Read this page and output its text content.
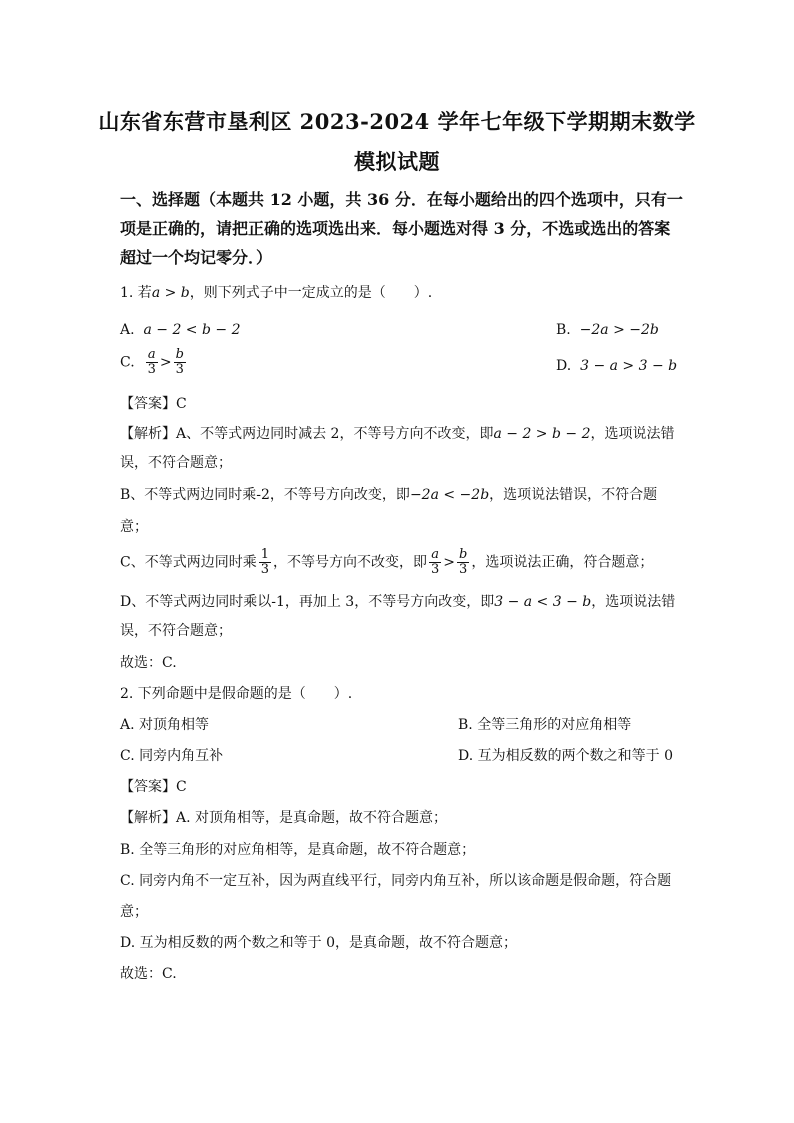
山东省东营市垦利区 2023-2024 学年七年级下学期期末数学
模拟试题
一、选择题（本题共 12 小题，共 36 分．在每小题给出的四个选项中，只有一
项是正确的，请把正确的选项选出来．每小题选对得 3 分，不选或选出的答案
超过一个均记零分．）
1. 若a > b，则下列式子中一定成立的是（　　）.
A. a − 2 < b − 2	B. −2a > −2b
C. $\frac{a}{3} > \frac{b}{3}$	D. 3 − a > 3 − b
【答案】C
【解析】A、不等式两边同时减去 2，不等号方向不改变，即a − 2 > b − 2，选项说法错
误，不符合题意；
B、不等式两边同时乘-2，不等号方向改变，即−2a < −2b，选项说法错误，不符合题
意；
C、不等式两边同时乘 $\frac{1}{3}$ ，不等号方向不改变，即 $\frac{a}{3} > \frac{b}{3}$ ，选项说法正确，符合题意；
D、不等式两边同时乘以-1，再加上 3，不等号方向改变，即3 − a < 3 − b，选项说法错
误，不符合题意；
故选：C.
2. 下列命题中是假命题的是（　　）.
A. 对顶角相等	B. 全等三角形的对应角相等
C. 同旁内角互补	D. 互为相反数的两个数之和等于 0
【答案】C
【解析】A. 对顶角相等，是真命题，故不符合题意；
B. 全等三角形的对应角相等，是真命题，故不符合题意；
C. 同旁内角不一定互补，因为两直线平行，同旁内角互补，所以该命题是假命题，符合题
意；
D. 互为相反数的两个数之和等于 0，是真命题，故不符合题意；
故选：C.
